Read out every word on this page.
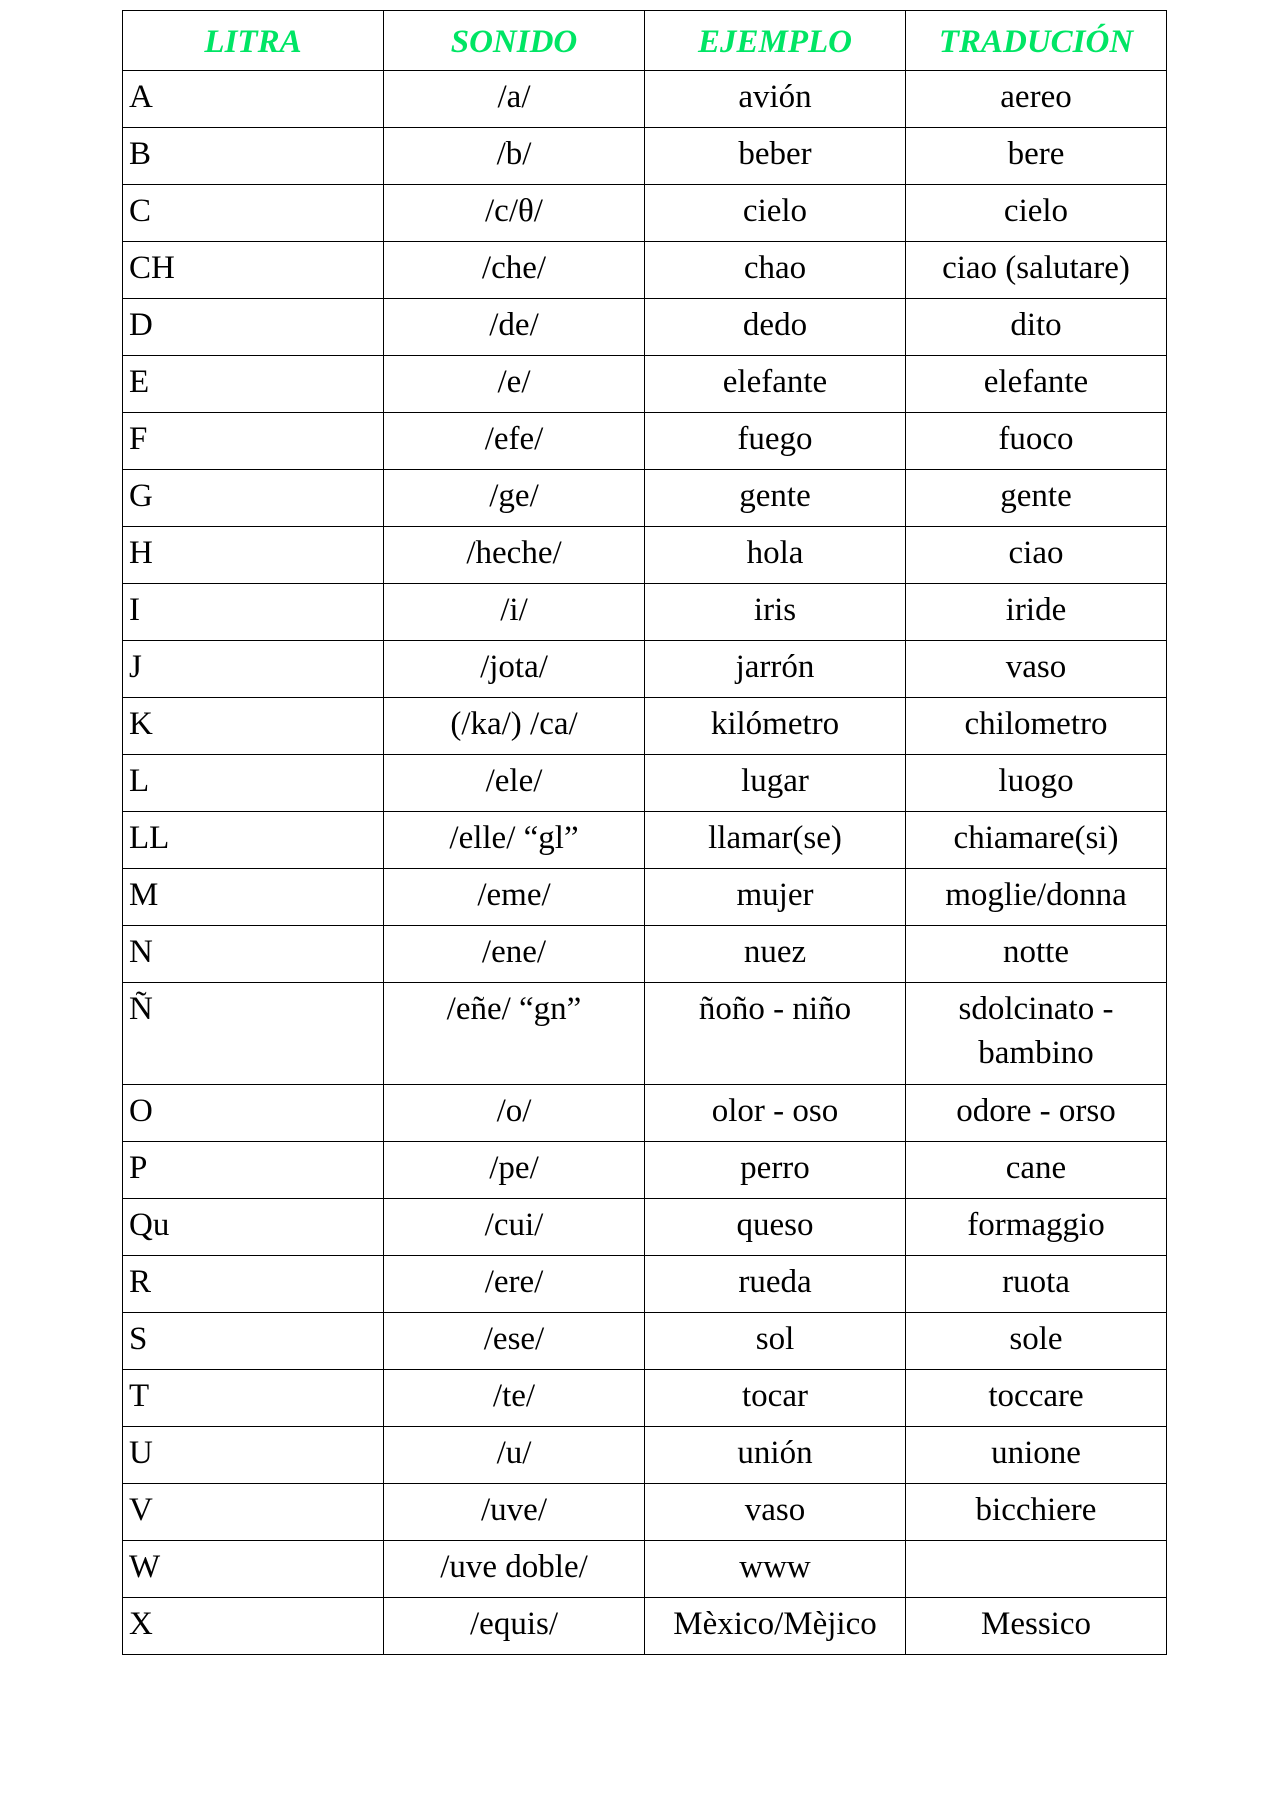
LITRA	SONIDO	EJEMPLO	TRADUCIÓN
A	/a/	avión	aereo
B	/b/	beber	bere
C	/c/θ/	cielo	cielo
CH	/che/	chao	ciao (salutare)
D	/de/	dedo	dito
E	/e/	elefante	elefante
F	/efe/	fuego	fuoco
G	/ge/	gente	gente
H	/heche/	hola	ciao
I	/i/	iris	iride
J	/jota/	jarrón	vaso
K	(/ka/) /ca/	kilómetro	chilometro
L	/ele/	lugar	luogo
LL	/elle/ “gl”	llamar(se)	chiamare(si)
M	/eme/	mujer	moglie/donna
N	/ene/	nuez	notte
Ñ	/eñe/ “gn”	ñoño - niño	sdolcinato - bambino
O	/o/	olor - oso	odore - orso
P	/pe/	perro	cane
Qu	/cui/	queso	formaggio
R	/ere/	rueda	ruota
S	/ese/	sol	sole
T	/te/	tocar	toccare
U	/u/	unión	unione
V	/uve/	vaso	bicchiere
W	/uve doble/	www	
X	/equis/	Mèxico/Mèjico	Messico
